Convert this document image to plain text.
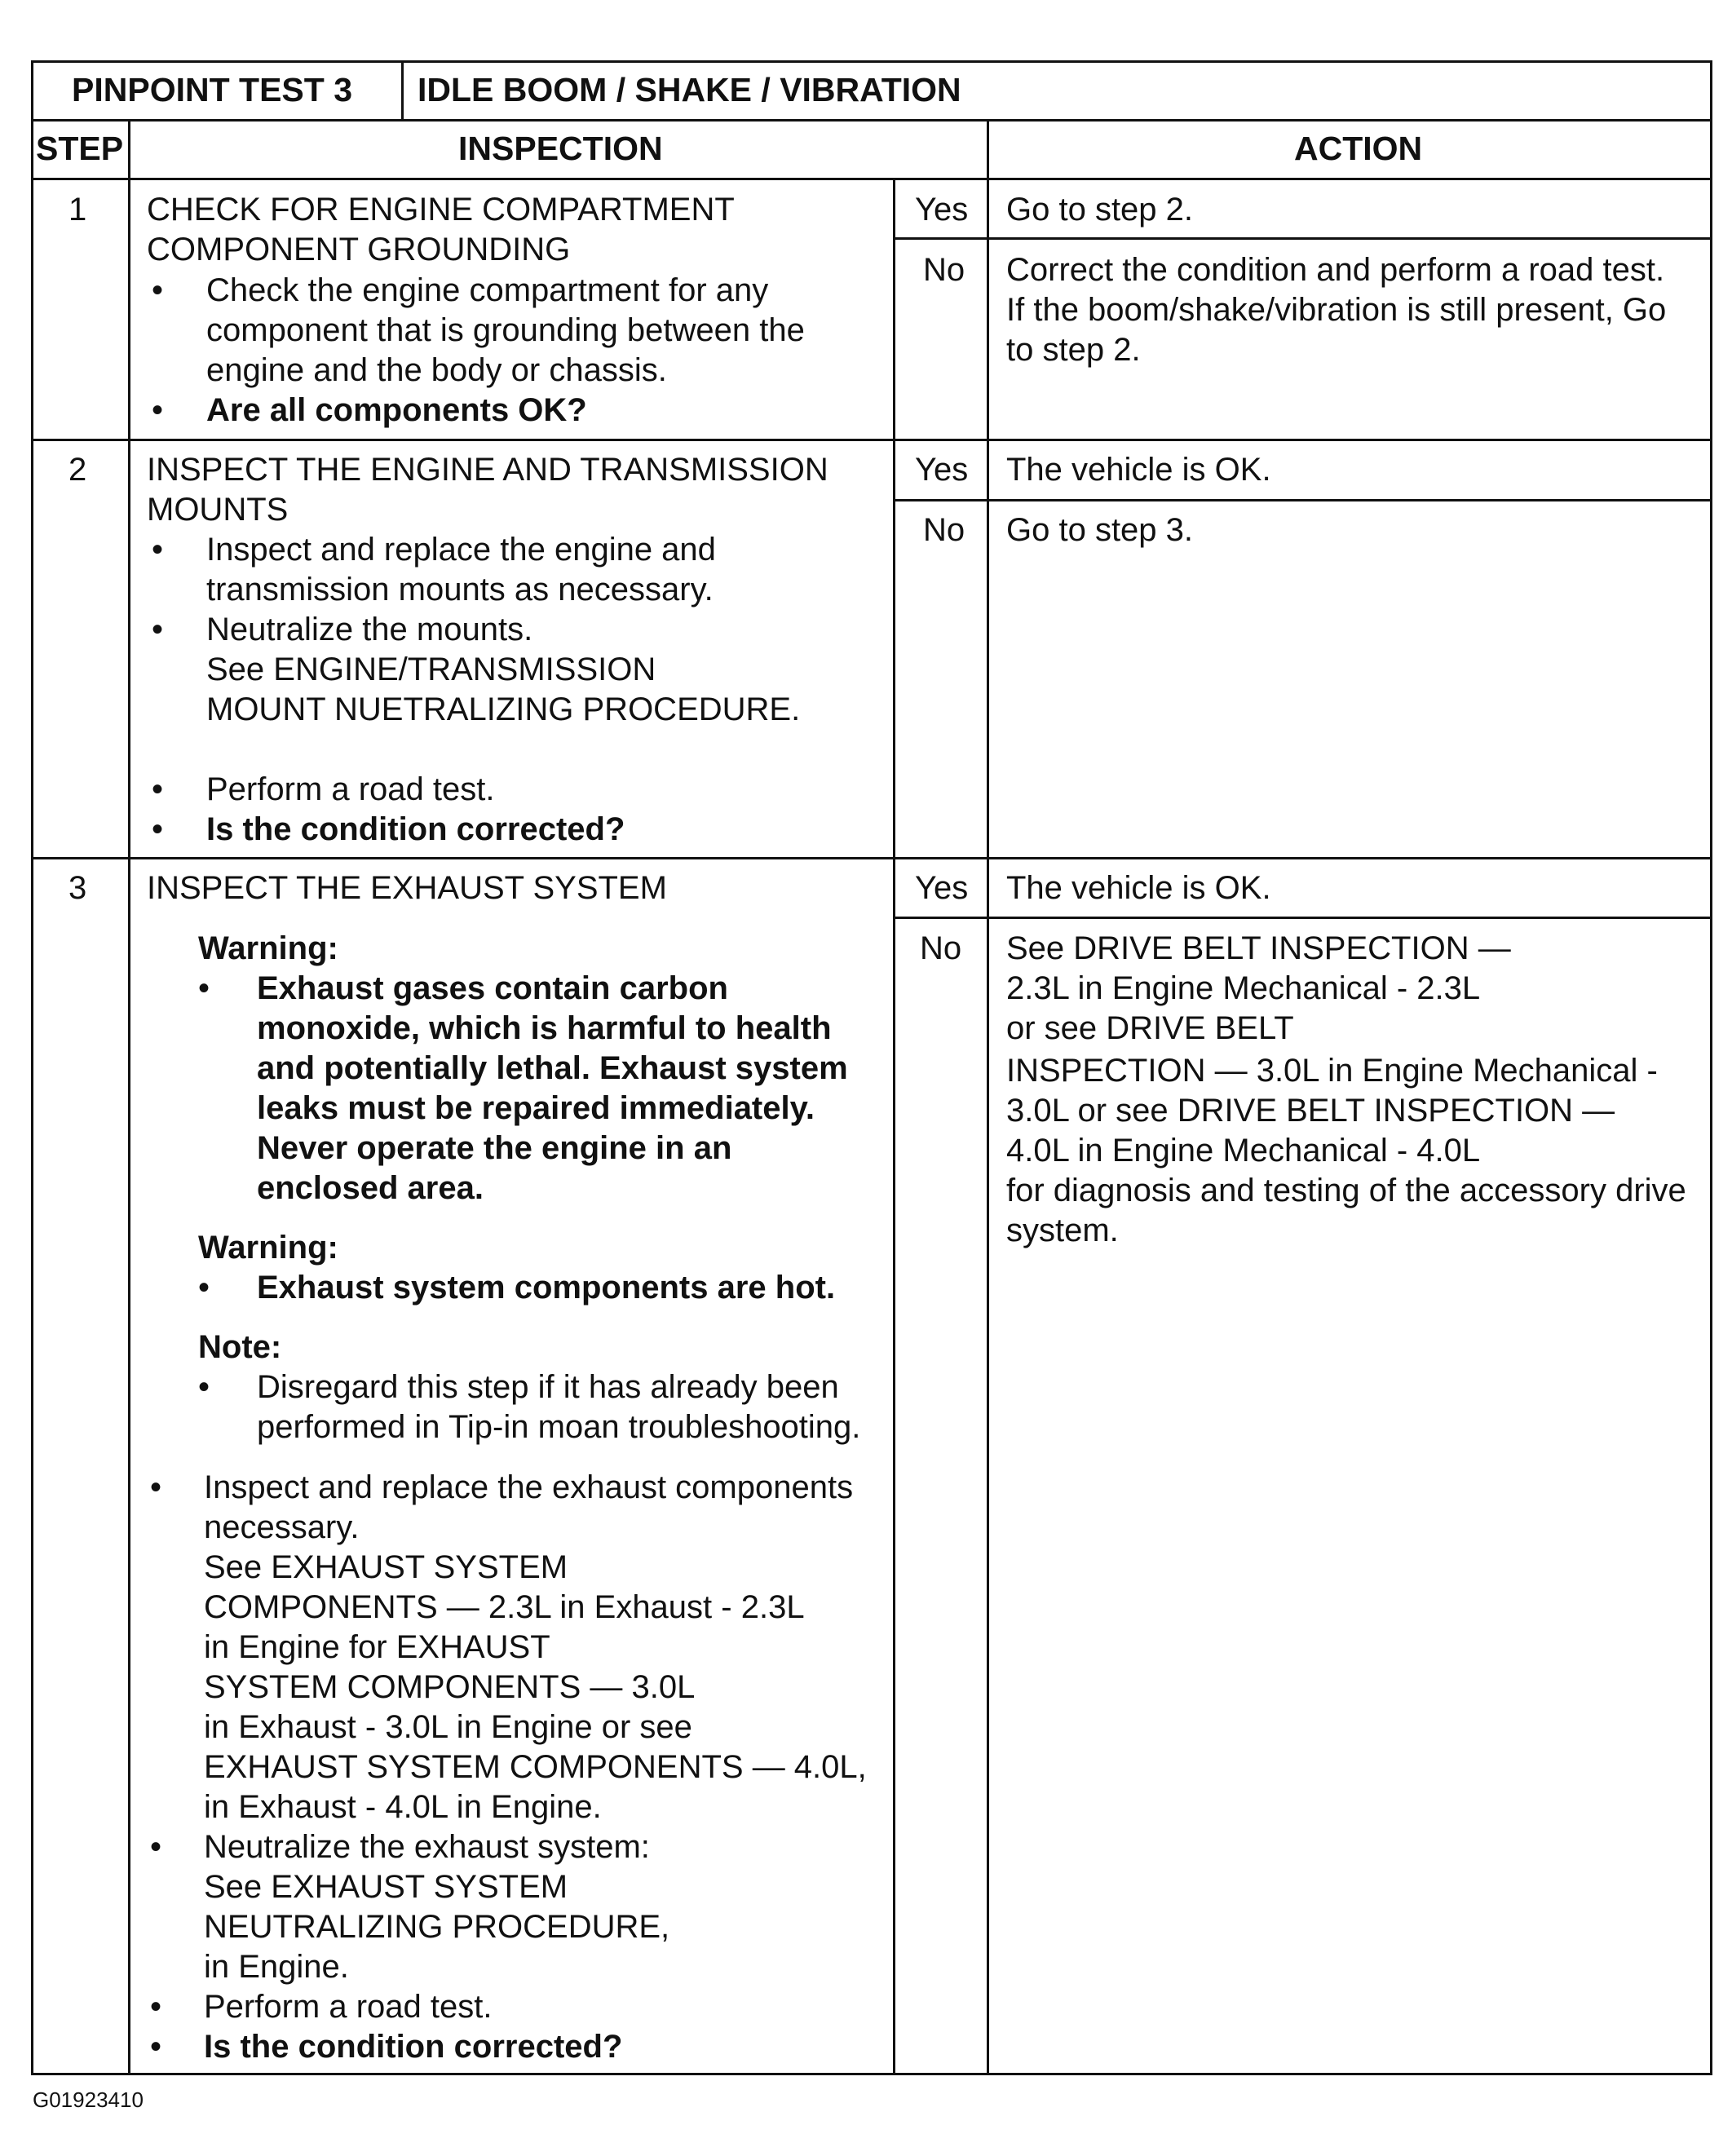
PINPOINT TEST 3 IDLE BOOM / SHAKE / VIBRATION
STEP	INSPECTION	ACTION
1 CHECK FOR ENGINE COMPARTMENT
COMPONENT GROUNDING
• Check the engine compartment for any
component that is grounding between the
engine and the body or chassis.
• Are all components OK?
Yes Go to step 2.
No Correct the condition and perform a road test.
If the boom/shake/vibration is still present, Go
to step 2.
2 INSPECT THE ENGINE AND TRANSMISSION
MOUNTS
• Inspect and replace the engine and
transmission mounts as necessary.
• Neutralize the mounts.
See ENGINE/TRANSMISSION
MOUNT NUETRALIZING PROCEDURE.
• Perform a road test.
• Is the condition corrected?
Yes The vehicle is OK.
No Go to step 3.
3 INSPECT THE EXHAUST SYSTEM
Warning:
• Exhaust gases contain carbon
monoxide, which is harmful to health
and potentially lethal. Exhaust system
leaks must be repaired immediately.
Never operate the engine in an
enclosed area.
Warning:
• Exhaust system components are hot.
Note:
• Disregard this step if it has already been
performed in Tip-in moan troubleshooting.
• Inspect and replace the exhaust components
necessary.
See EXHAUST SYSTEM
COMPONENTS — 2.3L in Exhaust - 2.3L
in Engine for EXHAUST
SYSTEM COMPONENTS — 3.0L
in Exhaust - 3.0L in Engine or see
EXHAUST SYSTEM COMPONENTS — 4.0L,
in Exhaust - 4.0L in Engine.
• Neutralize the exhaust system:
See EXHAUST SYSTEM
NEUTRALIZING PROCEDURE,
in Engine.
• Perform a road test.
• Is the condition corrected?
Yes The vehicle is OK.
No See DRIVE BELT INSPECTION —
2.3L in Engine Mechanical - 2.3L
or see DRIVE BELT
INSPECTION — 3.0L in Engine Mechanical -
3.0L or see DRIVE BELT INSPECTION —
4.0L in Engine Mechanical - 4.0L
for diagnosis and testing of the accessory drive
system.
G01923410
